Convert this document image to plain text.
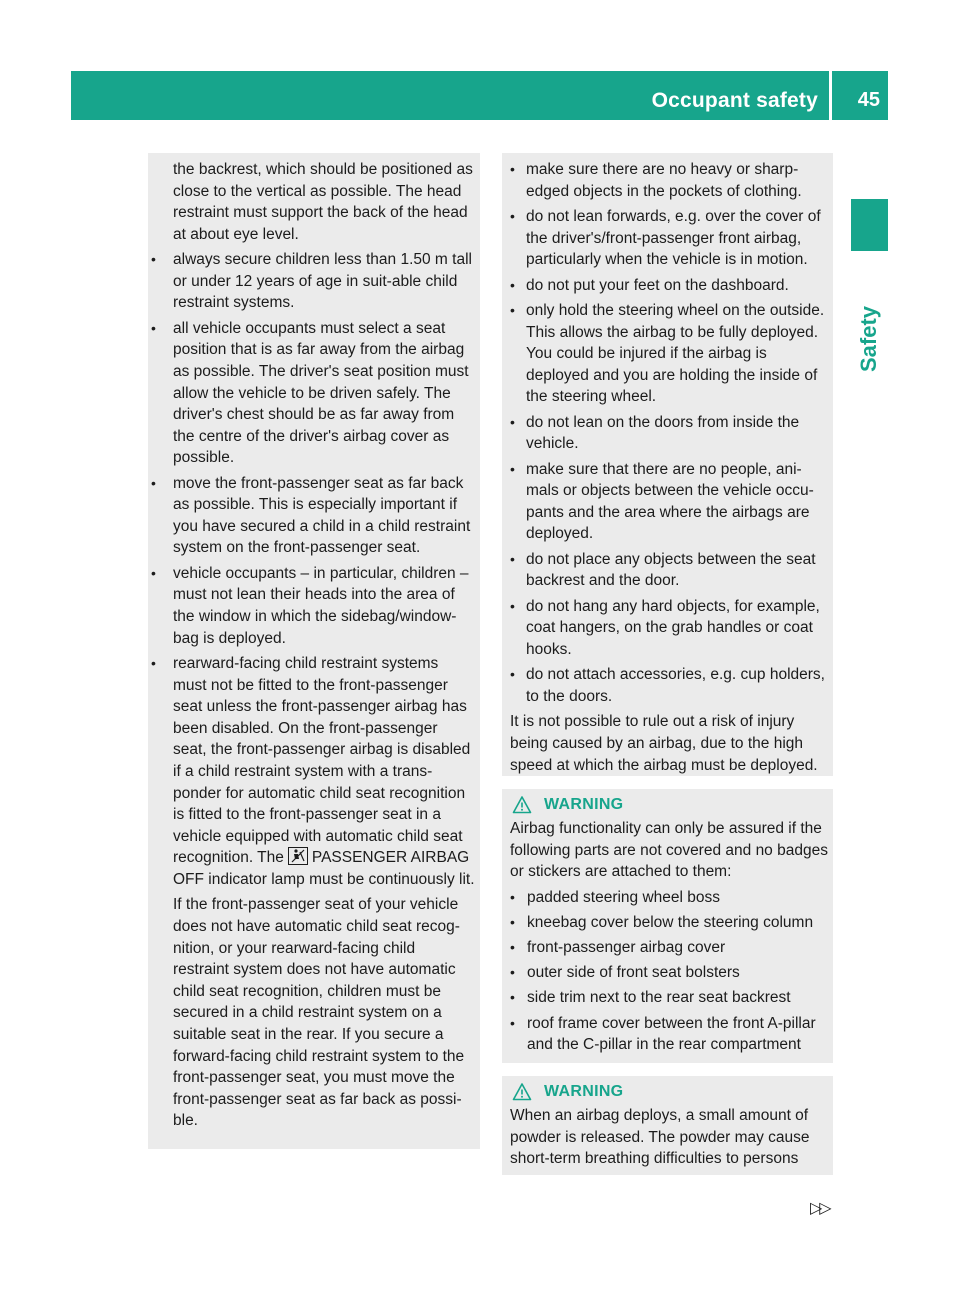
Occupant safety 45
Safety

the backrest, which should be positioned as close to the vertical as possible. The head restraint must support the back of the head at about eye level.

•	always secure children less than 1.50 m tall or under 12 years of age in suit-able child restraint systems.
•	all vehicle occupants must select a seat position that is as far away from the airbag as possible. The driver's seat position must allow the vehicle to be driven safely. The driver's chest should be as far away from the centre of the driver's airbag cover as possible.
•	move the front-passenger seat as far back as possible. This is especially important if you have secured a child in a child restraint system on the front-passenger seat.
•	vehicle occupants – in particular, children – must not lean their heads into the area of the window in which the sidebag/window-bag is deployed.
•	rearward-facing child restraint systems must not be fitted to the front-passenger seat unless the front-passenger airbag has been disabled. On the front-passenger seat, the front-passenger airbag is disabled if a child restraint system with a trans-ponder for automatic child seat recognition is fitted to the front-passenger seat in a vehicle equipped with automatic child seat recognition. The PASSENGER AIRBAG OFF indicator lamp must be continuously lit.

If the front-passenger seat of your vehicle does not have automatic child seat recog-nition, or your rearward-facing child restraint system does not have automatic child seat recognition, children must be secured in a child restraint system on a suitable seat in the rear. If you secure a forward-facing child restraint system to the front-passenger seat, you must move the front-passenger seat as far back as possi-ble.

• make sure there are no heavy or sharp-edged objects in the pockets of clothing.
• do not lean forwards, e.g. over the cover of the driver's/front-passenger front airbag, particularly when the vehicle is in motion.
• do not put your feet on the dashboard.
• only hold the steering wheel on the outside. This allows the airbag to be fully deployed. You could be injured if the airbag is deployed and you are holding the inside of the steering wheel.
• do not lean on the doors from inside the vehicle.
• make sure that there are no people, ani-mals or objects between the vehicle occu-pants and the area where the airbags are deployed.
• do not place any objects between the seat backrest and the door.
• do not hang any hard objects, for example, coat hangers, on the grab handles or coat hooks.
• do not attach accessories, e.g. cup holders, to the doors.

It is not possible to rule out a risk of injury being caused by an airbag, due to the high speed at which the airbag must be deployed.

WARNING

Airbag functionality can only be assured if the following parts are not covered and no badges or stickers are attached to them:

• padded steering wheel boss
• kneebag cover below the steering column
• front-passenger airbag cover
• outer side of front seat bolsters
• side trim next to the rear seat backrest
• roof frame cover between the front A-pillar and the C-pillar in the rear compartment
WARNING

When an airbag deploys, a small amount of powder is released. The powder may cause short-term breathing difficulties to persons

▷▷
